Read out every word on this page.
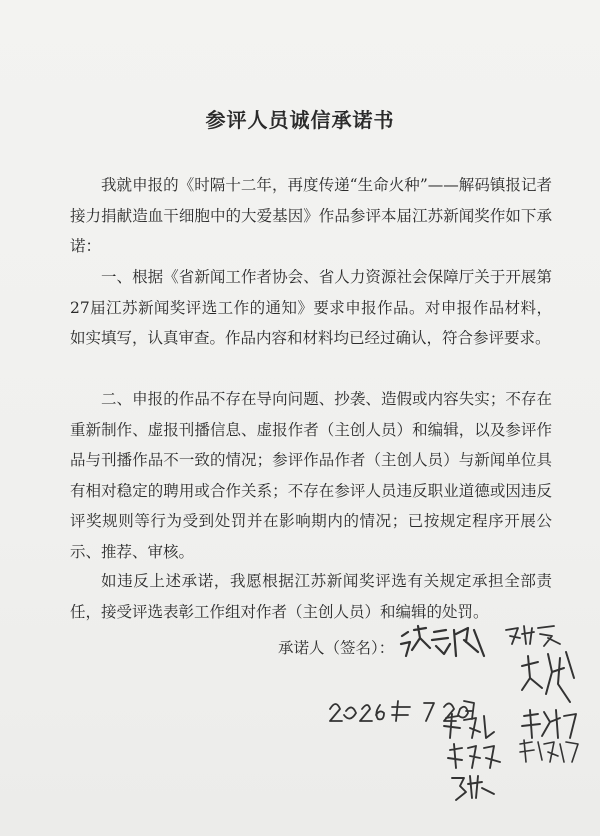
参评人员诚信承诺书

我就申报的《时隔十二年，再度传递“生命火种”——解码镇报记者接力捐献造血干细胞中的大爱基因》作品参评本届江苏新闻奖作如下承诺：

一、根据《省新闻工作者协会、省人力资源社会保障厅关于开展第27届江苏新闻奖评选工作的通知》要求申报作品。对申报作品材料，如实填写，认真审查。作品内容和材料均已经过确认，符合参评要求。

二、申报的作品不存在导向问题、抄袭、造假或内容失实；不存在重新制作、虚报刊播信息、虚报作者（主创人员）和编辑，以及参评作品与刊播作品不一致的情况；参评作品作者（主创人员）与新闻单位具有相对稳定的聘用或合作关系；不存在参评人员违反职业道德或因违反评奖规则等行为受到处罚并在影响期内的情况；已按规定程序开展公示、推荐、审核。

如违反上述承诺，我愿根据江苏新闻奖评选有关规定承担全部责任，接受评选表彰工作组对作者（主创人员）和编辑的处罚。

承诺人（签名）：
